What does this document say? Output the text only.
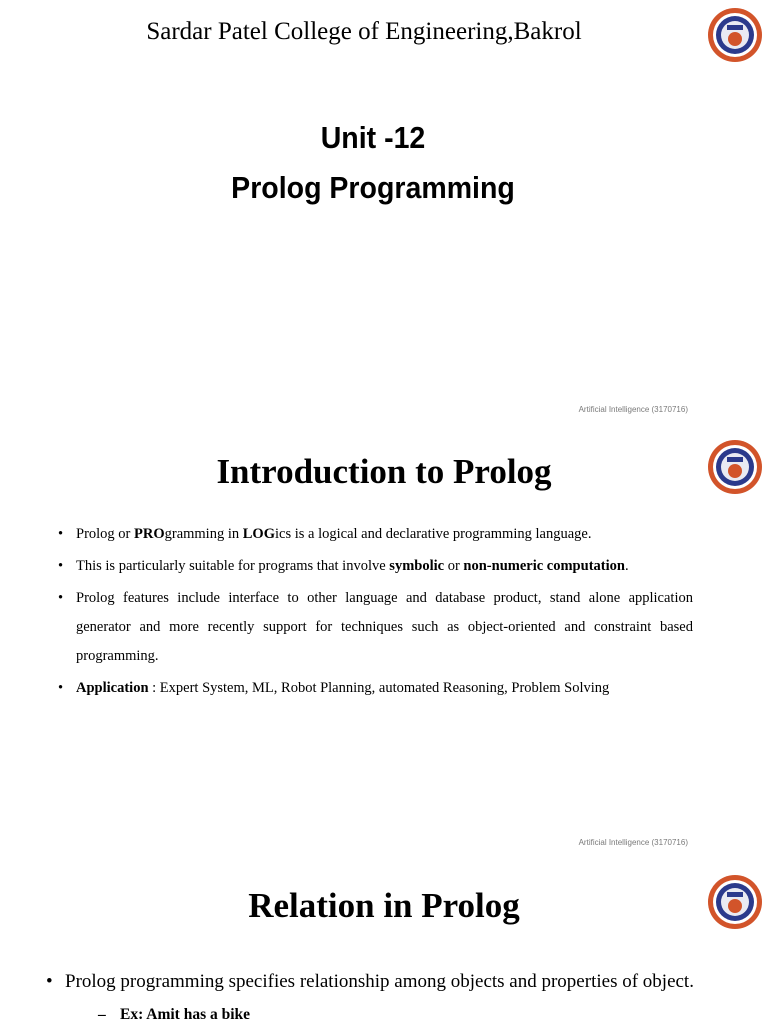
Sardar Patel College of Engineering,Bakrol
Unit -12
Prolog Programming
Artificial Intelligence (3170716)
Introduction to Prolog
• Prolog or PROgramming in LOGics is a logical and declarative programming language.
• This is particularly suitable for programs that involve symbolic or non-numeric computation.
• Prolog features include interface to other language and database product, stand alone application generator and more recently support for techniques such as object-oriented and constraint based programming.
• Application : Expert System, ML, Robot Planning, automated Reasoning, Problem Solving
Artificial Intelligence (3170716)
Relation in Prolog
• Prolog programming specifies relationship among objects and properties of object.
– Ex: Amit has a bike
